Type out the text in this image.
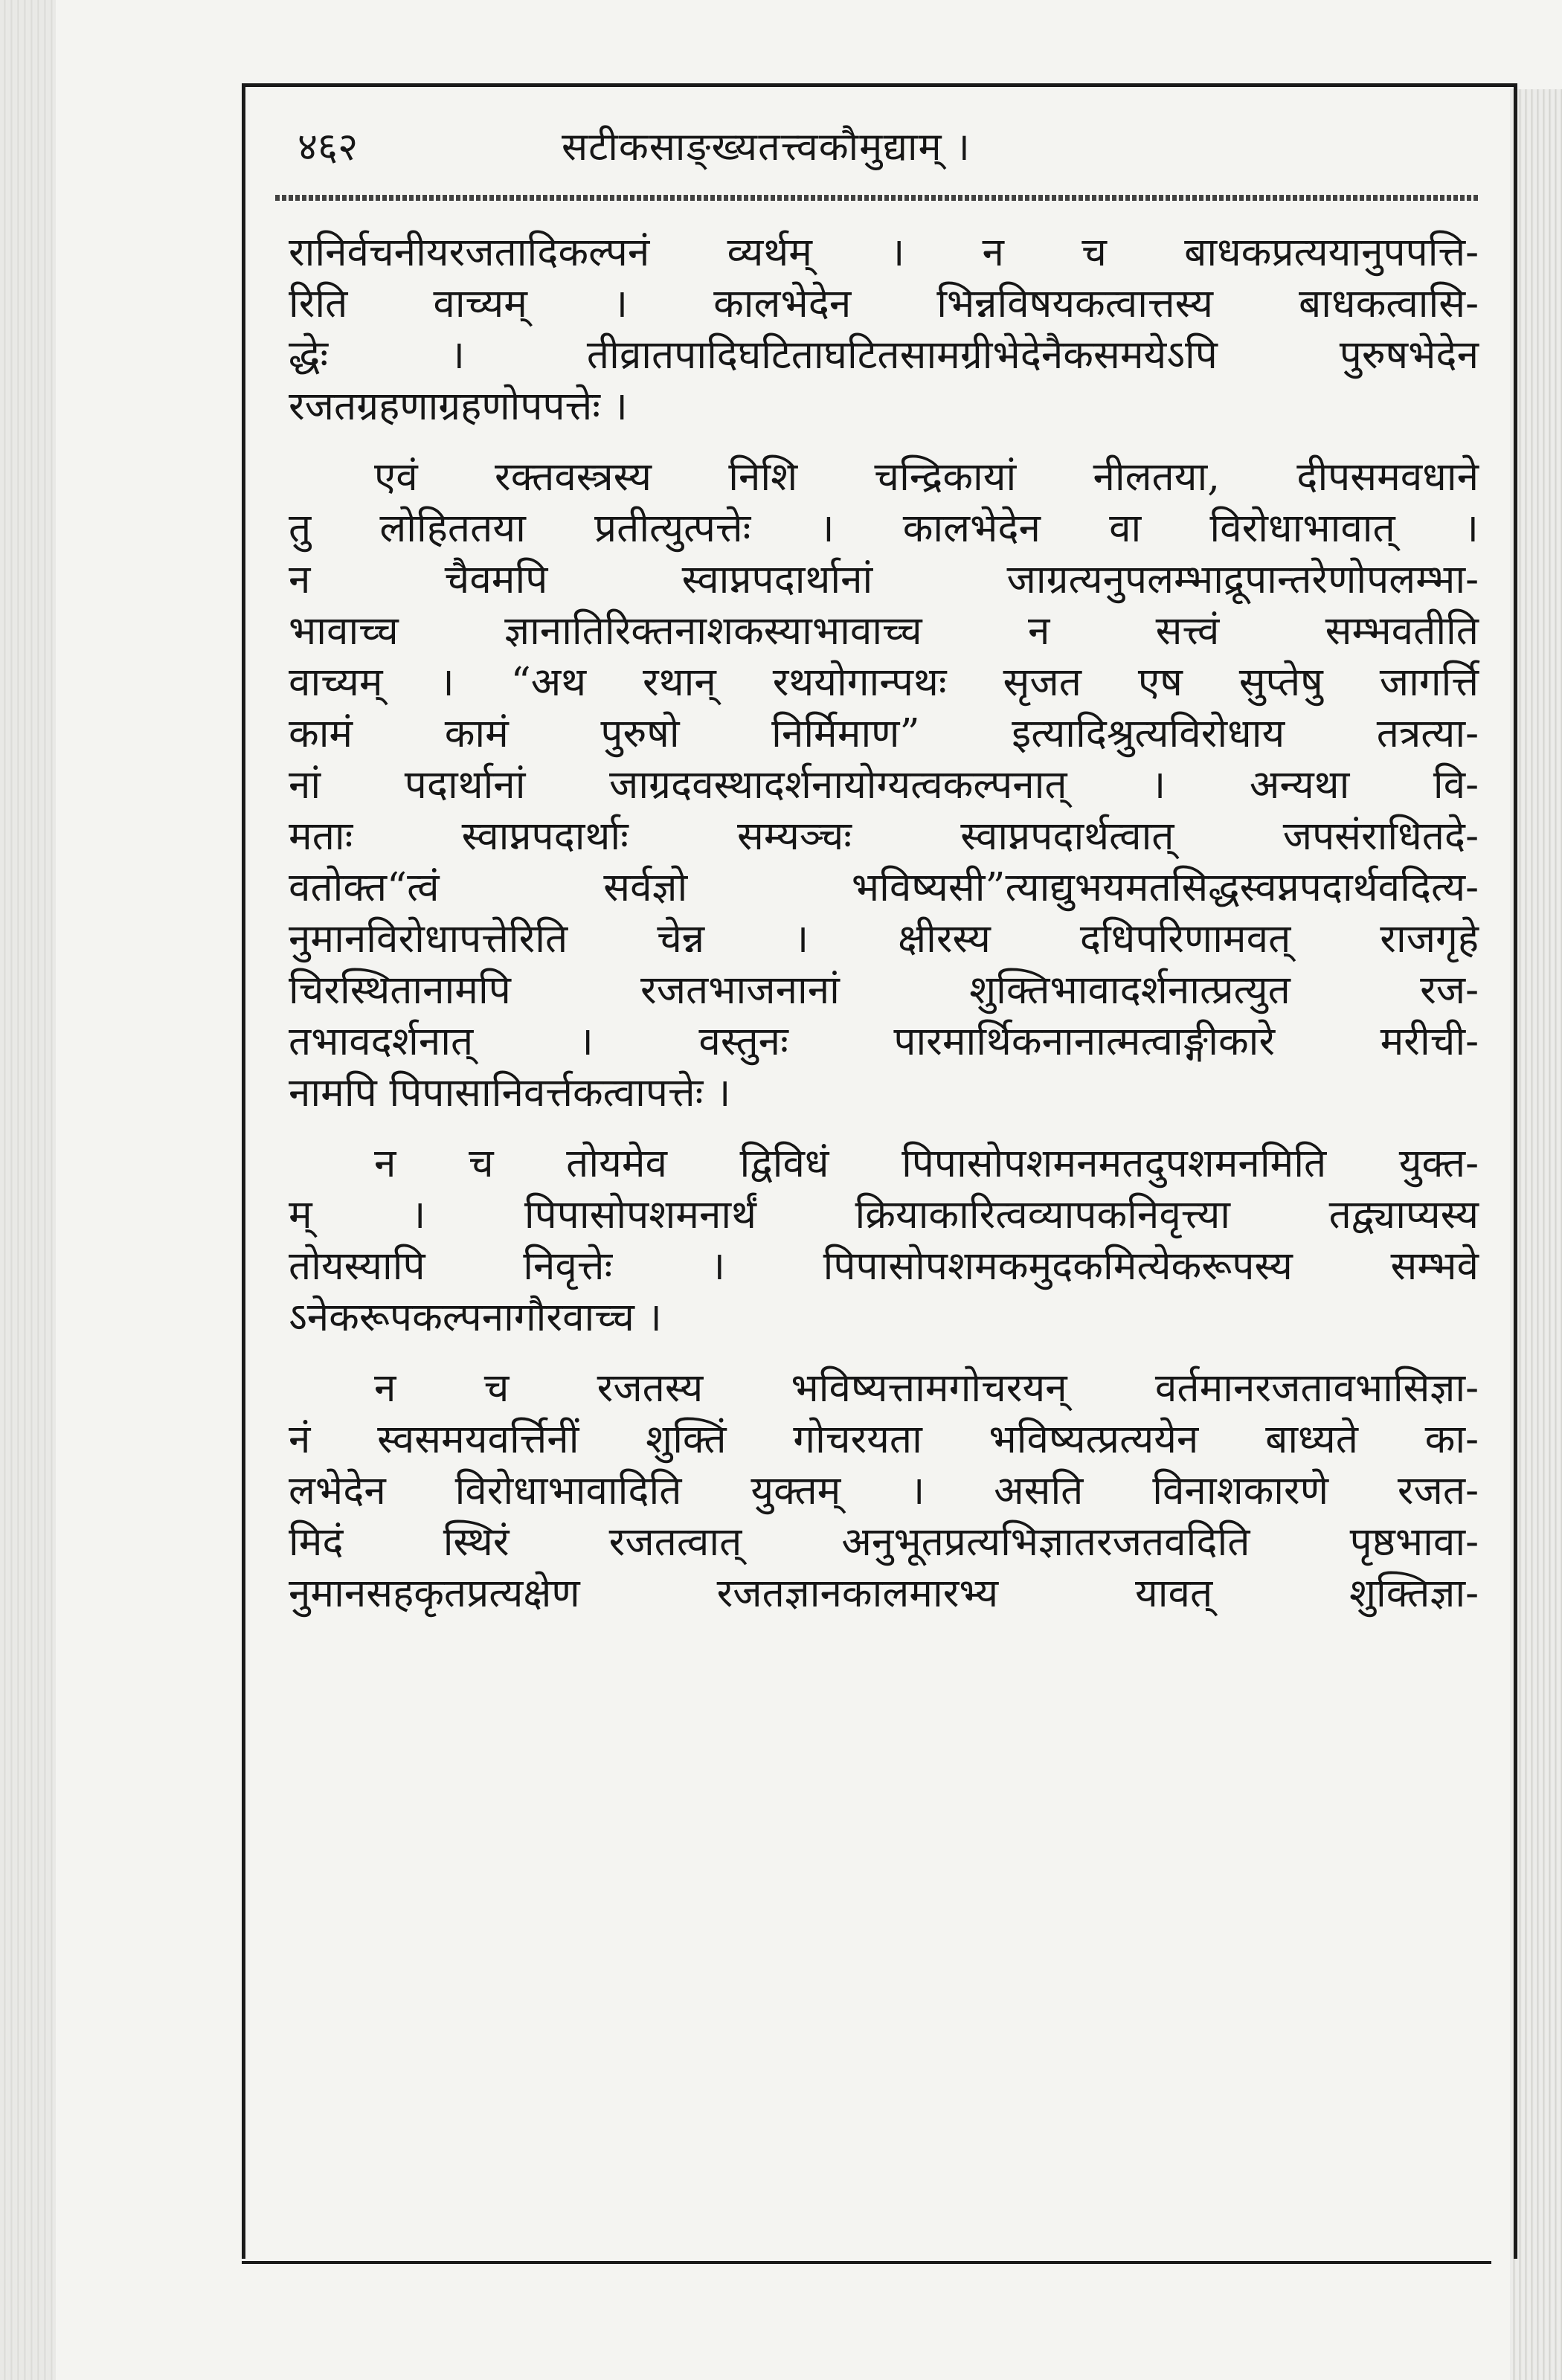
४६२	सटीकसाङ्ख्यतत्त्वकौमुद्याम् ।
रानिर्वचनीयरजतादिकल्पनं व्यर्थम् । न च बाधकप्रत्ययानुपपत्ति-
रिति वाच्यम् । कालभेदेन भिन्नविषयकत्वात्तस्य बाधकत्वासि-
द्धेः । तीव्रातपादिघटिताघटितसामग्रीभेदेनैकसमयेऽपि पुरुषभेदेन
रजतग्रहणाग्रहणोपपत्तेः ।
एवं रक्तवस्त्रस्य निशि चन्द्रिकायां नीलतया, दीपसमवधाने
तु लोहिततया प्रतीत्युत्पत्तेः । कालभेदेन वा विरोधाभावात् ।
न चैवमपि स्वाप्नपदार्थानां जाग्रत्यनुपलम्भाद्रूपान्तरेणोपलम्भा-
भावाच्च ज्ञानातिरिक्तनाशकस्याभावाच्च न सत्त्वं सम्भवतीति
वाच्यम् । “अथ रथान् रथयोगान्पथः सृजत एष सुप्तेषु जागर्त्ति
कामं कामं पुरुषो निर्मिमाण” इत्यादिश्रुत्यविरोधाय तत्रत्या-
नां पदार्थानां जाग्रदवस्थादर्शनायोग्यत्वकल्पनात् । अन्यथा वि-
मताः स्वाप्नपदार्थाः सम्यञ्चः स्वाप्नपदार्थत्वात् जपसंराधितदे-
वतोक्त“त्वं सर्वज्ञो भविष्यसी”त्याद्युभयमतसिद्धस्वप्नपदार्थवदित्य-
नुमानविरोधापत्तेरिति चेन्न । क्षीरस्य दधिपरिणामवत् राजगृहे
चिरस्थितानामपि रजतभाजनानां शुक्तिभावादर्शनात्प्रत्युत रज-
तभावदर्शनात् । वस्तुनः पारमार्थिकनानात्मत्वाङ्गीकारे मरीची-
नामपि पिपासानिवर्त्तकत्वापत्तेः ।
न च तोयमेव द्विविधं पिपासोपशमनमतदुपशमनमिति युक्त-
म् । पिपासोपशमनार्थं क्रियाकारित्वव्यापकनिवृत्त्या तद्व्याप्यस्य
तोयस्यापि निवृत्तेः । पिपासोपशमकमुदकमित्येकरूपस्य सम्भवे
ऽनेकरूपकल्पनागौरवाच्च ।
न च रजतस्य भविष्यत्तामगोचरयन् वर्तमानरजतावभासिज्ञा-
नं स्वसमयवर्त्तिनीं शुक्तिं गोचरयता भविष्यत्प्रत्ययेन बाध्यते का-
लभेदेन विरोधाभावादिति युक्तम् । असति विनाशकारणे रजत-
मिदं स्थिरं रजतत्वात् अनुभूतप्रत्यभिज्ञातरजतवदिति पृष्ठभावा-
नुमानसहकृतप्रत्यक्षेण रजतज्ञानकालमारभ्य यावत् शुक्तिज्ञा-
